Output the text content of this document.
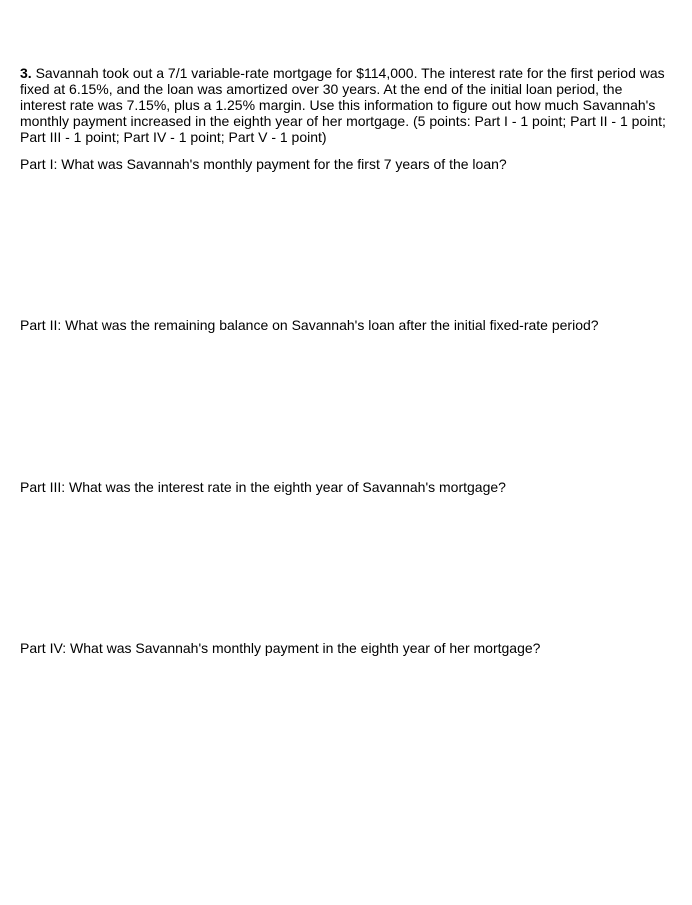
3. Savannah took out a 7/1 variable-rate mortgage for $114,000. The interest rate for the first period was fixed at 6.15%, and the loan was amortized over 30 years. At the end of the initial loan period, the interest rate was 7.15%, plus a 1.25% margin. Use this information to figure out how much Savannah's monthly payment increased in the eighth year of her mortgage. (5 points: Part I - 1 point; Part II - 1 point; Part III - 1 point; Part IV - 1 point; Part V - 1 point)
Part I: What was Savannah's monthly payment for the first 7 years of the loan?
Part II: What was the remaining balance on Savannah's loan after the initial fixed-rate period?
Part III: What was the interest rate in the eighth year of Savannah's mortgage?
Part IV: What was Savannah's monthly payment in the eighth year of her mortgage?
